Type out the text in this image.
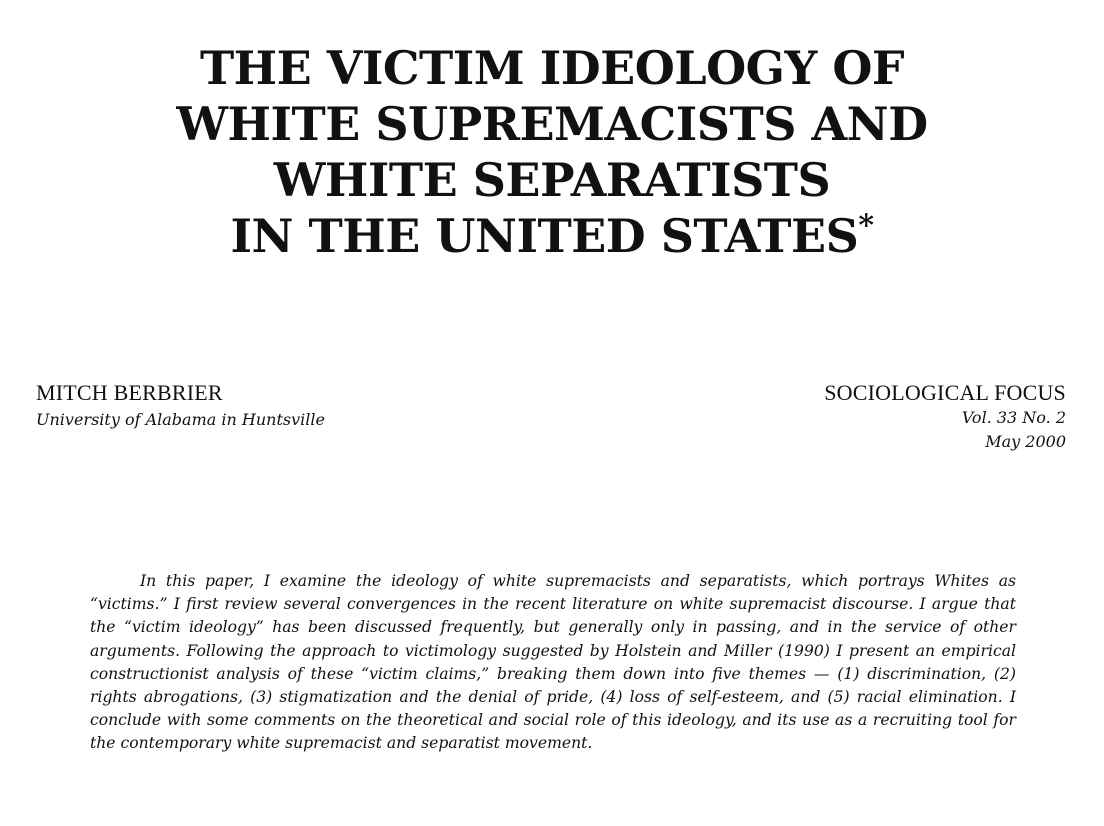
THE VICTIM IDEOLOGY OF
WHITE SUPREMACISTS AND
WHITE SEPARATISTS
IN THE UNITED STATES*
MITCH BERBRIER
University of Alabama in Huntsville
SOCIOLOGICAL FOCUS
Vol. 33 No. 2
May 2000

In this paper, I examine the ideology of white supremacists and separatists, which portrays Whites as “victims.” I first review several convergences in the recent literature on white supremacist discourse. I argue that the “victim ideology” has been discussed frequently, but generally only in passing, and in the service of other arguments. Following the approach to victimology suggested by Holstein and Miller (1990) I present an empirical constructionist analysis of these “victim claims,” breaking them down into five themes — (1) discrimination, (2) rights abrogations, (3) stigmatization and the denial of pride, (4) loss of self-esteem, and (5) racial elimination. I conclude with some comments on the theoretical and social role of this ideology, and its use as a recruiting tool for the contemporary white supremacist and separatist movement.
